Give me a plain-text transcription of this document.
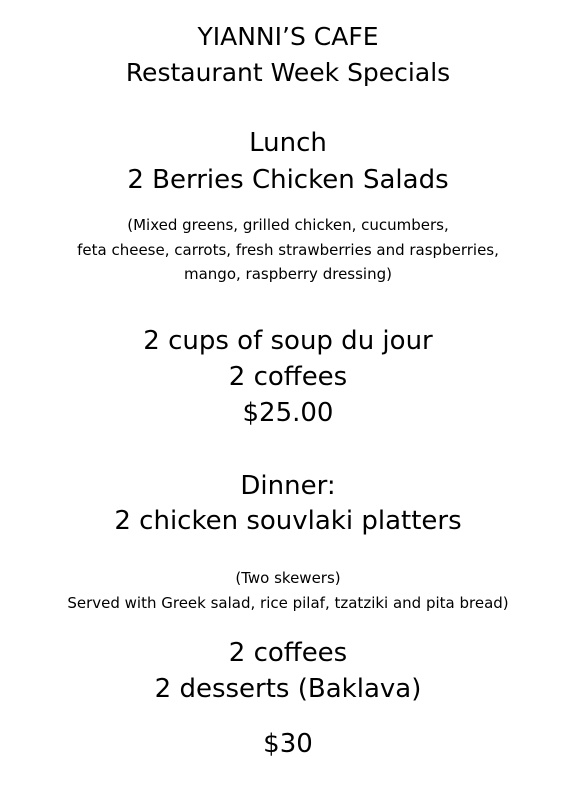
YIANNI’S CAFE
Restaurant Week Specials
Lunch
2 Berries Chicken Salads
(Mixed greens, grilled chicken, cucumbers,
feta cheese, carrots, fresh strawberries and raspberries,
mango, raspberry dressing)
2 cups of soup du jour
2 coffees
$25.00
Dinner:
2 chicken souvlaki platters
(Two skewers)
Served with Greek salad, rice pilaf, tzatziki and pita bread)
2 coffees
2 desserts (Baklava)
$30
